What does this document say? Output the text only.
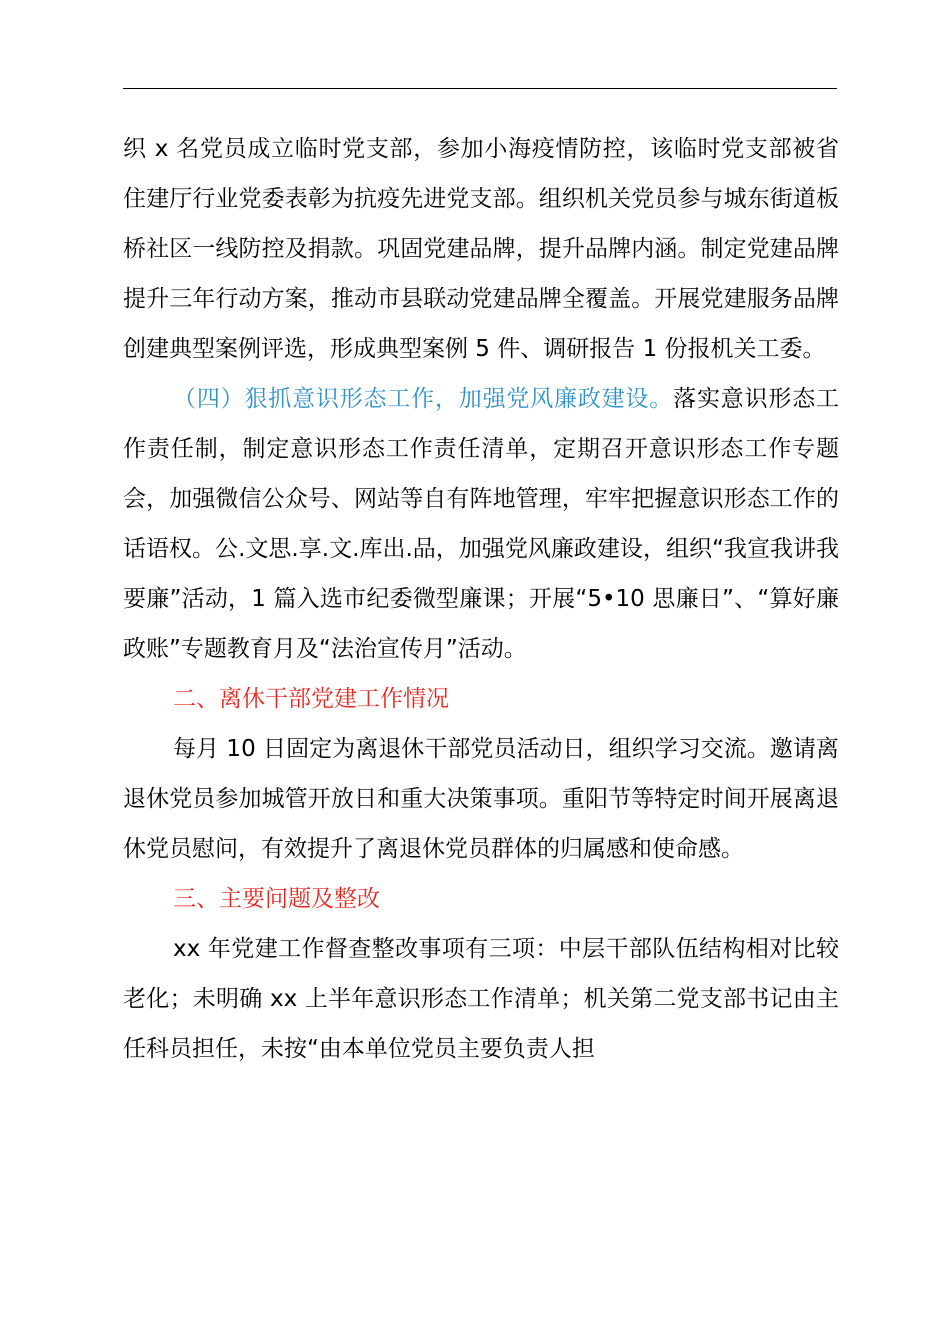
织 x 名党员成立临时党支部，参加小海疫情防控，该临时党支部被省住建厅行业党委表彰为抗疫先进党支部。组织机关党员参与城东街道板桥社区一线防控及捐款。巩固党建品牌，提升品牌内涵。制定党建品牌提升三年行动方案，推动市县联动党建品牌全覆盖。开展党建服务品牌创建典型案例评选，形成典型案例 5 件、调研报告 1 份报机关工委。

（四）狠抓意识形态工作，加强党风廉政建设。落实意识形态工作责任制，制定意识形态工作责任清单，定期召开意识形态工作专题会，加强微信公众号、网站等自有阵地管理，牢牢把握意识形态工作的话语权。公.文思.享.文.库出.品，加强党风廉政建设，组织“我宣我讲我要廉”活动，1 篇入选市纪委微型廉课；开展“5•10 思廉日”、“算好廉政账”专题教育月及“法治宣传月”活动。

二、离休干部党建工作情况

每月 10 日固定为离退休干部党员活动日，组织学习交流。邀请离退休党员参加城管开放日和重大决策事项。重阳节等特定时间开展离退休党员慰问，有效提升了离退休党员群体的归属感和使命感。

三、主要问题及整改

xx 年党建工作督查整改事项有三项：中层干部队伍结构相对比较老化；未明确 xx 上半年意识形态工作清单；机关第二党支部书记由主任科员担任，未按“由本单位党员主要负责人担
